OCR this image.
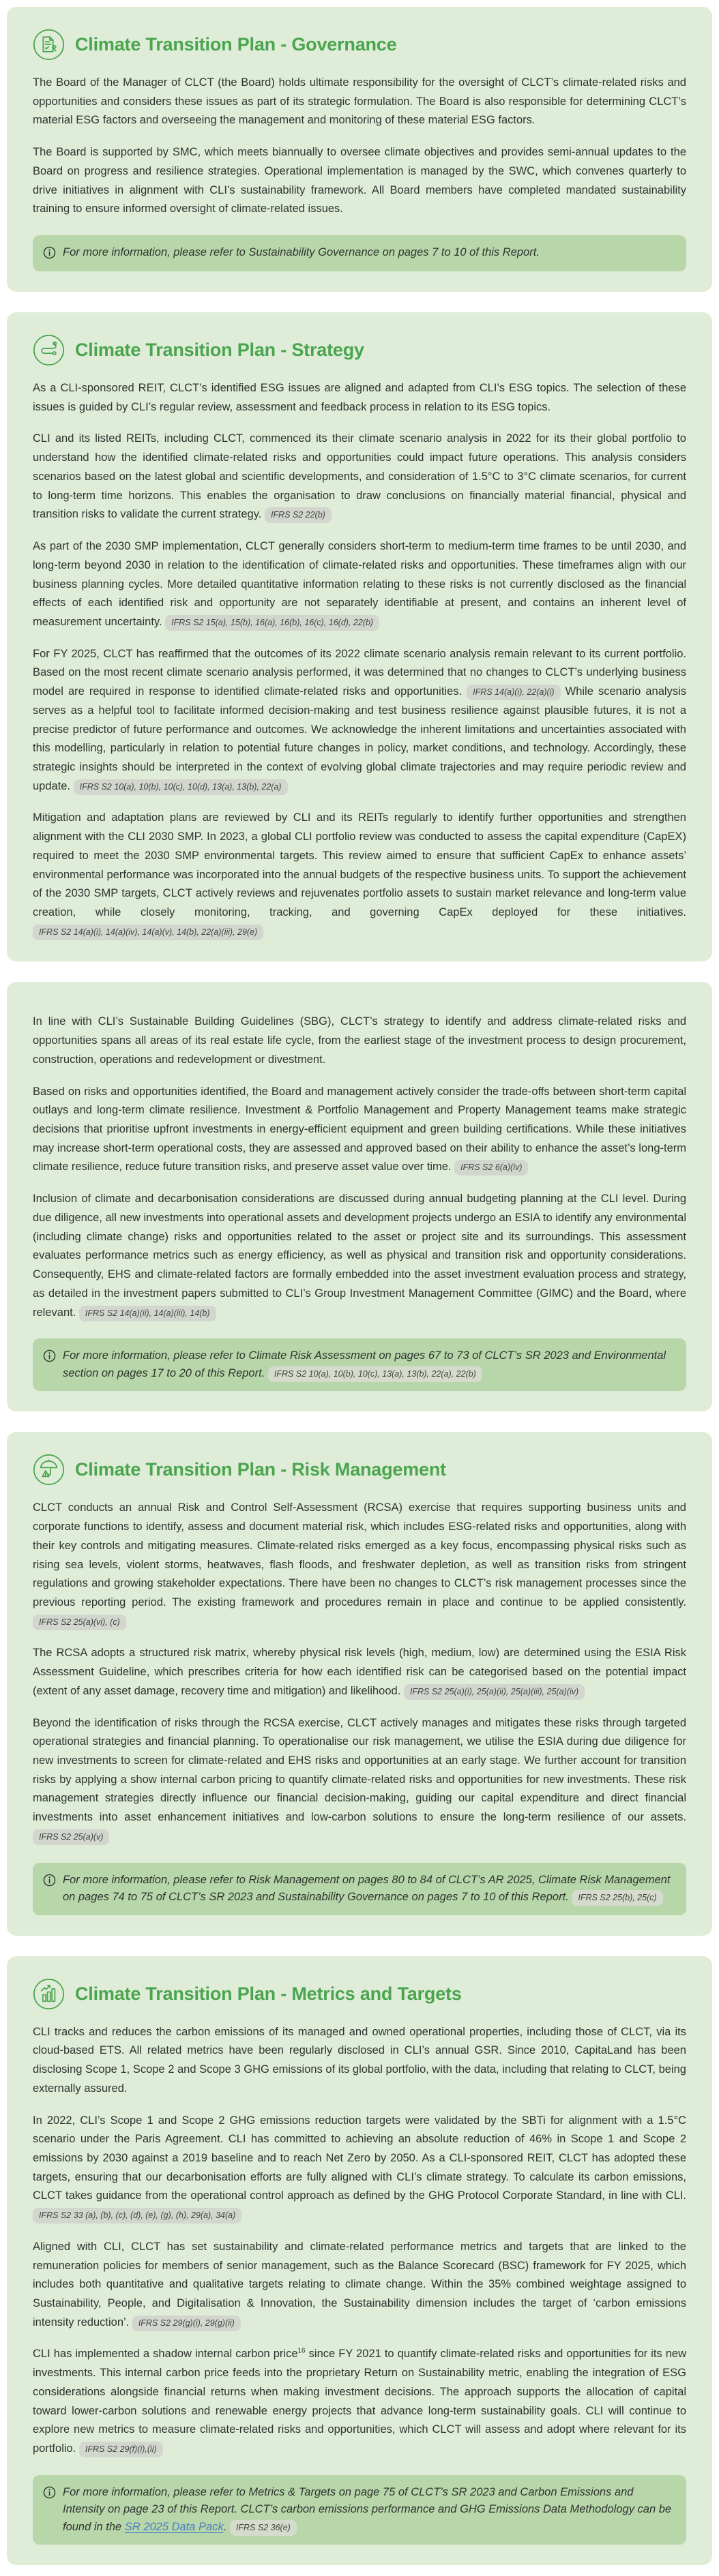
Climate Transition Plan - Governance

The Board of the Manager of CLCT (the Board) holds ultimate responsibility for the oversight of CLCT’s climate-related risks and opportunities and considers these issues as part of its strategic formulation. The Board is also responsible for determining CLCT’s material ESG factors and overseeing the management and monitoring of these material ESG factors.

The Board is supported by SMC, which meets biannually to oversee climate objectives and provides semi-annual updates to the Board on progress and resilience strategies. Operational implementation is managed by the SWC, which convenes quarterly to drive initiatives in alignment with CLI’s sustainability framework. All Board members have completed mandated sustainability training to ensure informed oversight of climate-related issues.

For more information, please refer to Sustainability Governance on pages 7 to 10 of this Report.
Climate Transition Plan - Strategy

As a CLI-sponsored REIT, CLCT’s identified ESG issues are aligned and adapted from CLI’s ESG topics. The selection of these issues is guided by CLI’s regular review, assessment and feedback process in relation to its ESG topics.

CLI and its listed REITs, including CLCT, commenced its their climate scenario analysis in 2022 for its their global portfolio to understand how the identified climate-related risks and opportunities could impact future operations. This analysis considers scenarios based on the latest global and scientific developments, and consideration of 1.5°C to 3°C climate scenarios, for current to long-term time horizons. This enables the organisation to draw conclusions on financially material financial, physical and transition risks to validate the current strategy. IFRS S2 22(b)

As part of the 2030 SMP implementation, CLCT generally considers short-term to medium-term time frames to be until 2030, and long-term beyond 2030 in relation to the identification of climate-related risks and opportunities. These timeframes align with our business planning cycles. More detailed quantitative information relating to these risks is not currently disclosed as the financial effects of each identified risk and opportunity are not separately identifiable at present, and contains an inherent level of measurement uncertainty. IFRS S2 15(a), 15(b), 16(a), 16(b), 16(c), 16(d), 22(b)

For FY 2025, CLCT has reaffirmed that the outcomes of its 2022 climate scenario analysis remain relevant to its current portfolio. Based on the most recent climate scenario analysis performed, it was determined that no changes to CLCT’s underlying business model are required in response to identified climate-related risks and opportunities. IFRS 14(a)(i), 22(a)(i) While scenario analysis serves as a helpful tool to facilitate informed decision-making and test business resilience against plausible futures, it is not a precise predictor of future performance and outcomes. We acknowledge the inherent limitations and uncertainties associated with this modelling, particularly in relation to potential future changes in policy, market conditions, and technology. Accordingly, these strategic insights should be interpreted in the context of evolving global climate trajectories and may require periodic review and update. IFRS S2 10(a), 10(b), 10(c), 10(d), 13(a), 13(b), 22(a)

Mitigation and adaptation plans are reviewed by CLI and its REITs regularly to identify further opportunities and strengthen alignment with the CLI 2030 SMP. In 2023, a global CLI portfolio review was conducted to assess the capital expenditure (CapEX) required to meet the 2030 SMP environmental targets. This review aimed to ensure that sufficient CapEx to enhance assets’ environmental performance was incorporated into the annual budgets of the respective business units. To support the achievement of the 2030 SMP targets, CLCT actively reviews and rejuvenates portfolio assets to sustain market relevance and long-term value creation, while closely monitoring, tracking, and governing CapEx deployed for these initiatives. IFRS S2 14(a)(i), 14(a)(iv), 14(a)(v), 14(b), 22(a)(iii), 29(e)

In line with CLI’s Sustainable Building Guidelines (SBG), CLCT’s strategy to identify and address climate-related risks and opportunities spans all areas of its real estate life cycle, from the earliest stage of the investment process to design procurement, construction, operations and redevelopment or divestment.

Based on risks and opportunities identified, the Board and management actively consider the trade-offs between short-term capital outlays and long-term climate resilience. Investment & Portfolio Management and Property Management teams make strategic decisions that prioritise upfront investments in energy-efficient equipment and green building certifications. While these initiatives may increase short-term operational costs, they are assessed and approved based on their ability to enhance the asset’s long-term climate resilience, reduce future transition risks, and preserve asset value over time. IFRS S2 6(a)(iv)

Inclusion of climate and decarbonisation considerations are discussed during annual budgeting planning at the CLI level. During due diligence, all new investments into operational assets and development projects undergo an ESIA to identify any environmental (including climate change) risks and opportunities related to the asset or project site and its surroundings. This assessment evaluates performance metrics such as energy efficiency, as well as physical and transition risk and opportunity considerations. Consequently, EHS and climate-related factors are formally embedded into the asset investment evaluation process and strategy, as detailed in the investment papers submitted to CLI’s Group Investment Management Committee (GIMC) and the Board, where relevant. IFRS S2 14(a)(ii), 14(a)(iii), 14(b)

For more information, please refer to Climate Risk Assessment on pages 67 to 73 of CLCT’s SR 2023 and Environmental section on pages 17 to 20 of this Report. IFRS S2 10(a), 10(b), 10(c), 13(a), 13(b), 22(a), 22(b)
Climate Transition Plan - Risk Management

CLCT conducts an annual Risk and Control Self-Assessment (RCSA) exercise that requires supporting business units and corporate functions to identify, assess and document material risk, which includes ESG-related risks and opportunities, along with their key controls and mitigating measures. Climate-related risks emerged as a key focus, encompassing physical risks such as rising sea levels, violent storms, heatwaves, flash floods, and freshwater depletion, as well as transition risks from stringent regulations and growing stakeholder expectations. There have been no changes to CLCT’s risk management processes since the previous reporting period. The existing framework and procedures remain in place and continue to be applied consistently. IFRS S2 25(a)(vi), (c)

The RCSA adopts a structured risk matrix, whereby physical risk levels (high, medium, low) are determined using the ESIA Risk Assessment Guideline, which prescribes criteria for how each identified risk can be categorised based on the potential impact (extent of any asset damage, recovery time and mitigation) and likelihood. IFRS S2 25(a)(i), 25(a)(ii), 25(a)(iii), 25(a)(iv)

Beyond the identification of risks through the RCSA exercise, CLCT actively manages and mitigates these risks through targeted operational strategies and financial planning. To operationalise our risk management, we utilise the ESIA during due diligence for new investments to screen for climate-related and EHS risks and opportunities at an early stage. We further account for transition risks by applying a show internal carbon pricing to quantify climate-related risks and opportunities for new investments. These risk management strategies directly influence our financial decision-making, guiding our capital expenditure and direct financial investments into asset enhancement initiatives and low-carbon solutions to ensure the long-term resilience of our assets. IFRS S2 25(a)(v)

For more information, please refer to Risk Management on pages 80 to 84 of CLCT’s AR 2025, Climate Risk Management on pages 74 to 75 of CLCT’s SR 2023 and Sustainability Governance on pages 7 to 10 of this Report. IFRS S2 25(b), 25(c)
Climate Transition Plan - Metrics and Targets

CLI tracks and reduces the carbon emissions of its managed and owned operational properties, including those of CLCT, via its cloud-based ETS. All related metrics have been regularly disclosed in CLI’s annual GSR. Since 2010, CapitaLand has been disclosing Scope 1, Scope 2 and Scope 3 GHG emissions of its global portfolio, with the data, including that relating to CLCT, being externally assured.

In 2022, CLI’s Scope 1 and Scope 2 GHG emissions reduction targets were validated by the SBTi for alignment with a 1.5°C scenario under the Paris Agreement. CLI has committed to achieving an absolute reduction of 46% in Scope 1 and Scope 2 emissions by 2030 against a 2019 baseline and to reach Net Zero by 2050. As a CLI-sponsored REIT, CLCT has adopted these targets, ensuring that our decarbonisation efforts are fully aligned with CLI’s climate strategy. To calculate its carbon emissions, CLCT takes guidance from the operational control approach as defined by the GHG Protocol Corporate Standard, in line with CLI. IFRS S2 33 (a), (b), (c), (d), (e), (g), (h), 29(a), 34(a)

Aligned with CLI, CLCT has set sustainability and climate-related performance metrics and targets that are linked to the remuneration policies for members of senior management, such as the Balance Scorecard (BSC) framework for FY 2025, which includes both quantitative and qualitative targets relating to climate change. Within the 35% combined weightage assigned to Sustainability, People, and Digitalisation & Innovation, the Sustainability dimension includes the target of ‘carbon emissions intensity reduction’. IFRS S2 29(g)(i), 29(g)(ii)

CLI has implemented a shadow internal carbon price$^{16}$ since FY 2021 to quantify climate-related risks and opportunities for its new investments. This internal carbon price feeds into the proprietary Return on Sustainability metric, enabling the integration of ESG considerations alongside financial returns when making investment decisions. The approach supports the allocation of capital toward lower-carbon solutions and renewable energy projects that advance long-term sustainability goals. CLI will continue to explore new metrics to measure climate-related risks and opportunities, which CLCT will assess and adopt where relevant for its portfolio. IFRS S2 29(f)(i),(ii)

For more information, please refer to Metrics & Targets on page 75 of CLCT’s SR 2023 and Carbon Emissions and Intensity on page 23 of this Report. CLCT’s carbon emissions performance and GHG Emissions Data Methodology can be found in the SR 2025 Data Pack. IFRS S2 36(e)
